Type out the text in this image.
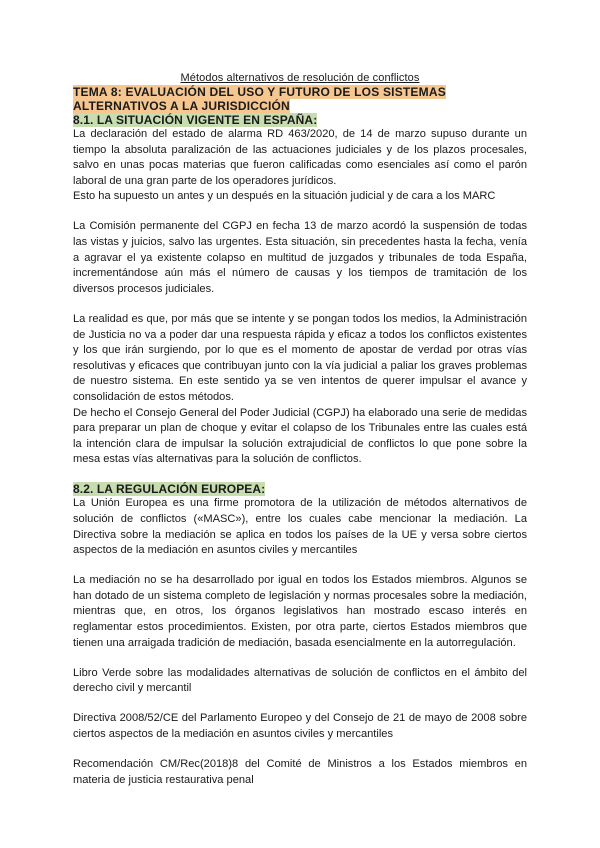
Métodos alternativos de resolución de conflictos
TEMA 8: EVALUACIÓN DEL USO Y FUTURO DE LOS SISTEMAS ALTERNATIVOS A LA JURISDICCIÓN
8.1. LA SITUACIÓN VIGENTE EN ESPAÑA:

La declaración del estado de alarma RD 463/2020, de 14 de marzo supuso durante un tiempo la absoluta paralización de las actuaciones judiciales y de los plazos procesales, salvo en unas pocas materias que fueron calificadas como esenciales así como el parón laboral de una gran parte de los operadores jurídicos.

Esto ha supuesto un antes y un después en la situación judicial y de cara a los MARC

La Comisión permanente del CGPJ en fecha 13 de marzo acordó la suspensión de todas las vistas y juicios, salvo las urgentes. Esta situación, sin precedentes hasta la fecha, venía a agravar el ya existente colapso en multitud de juzgados y tribunales de toda España, incrementándose aún más el número de causas y los tiempos de tramitación de los diversos procesos judiciales.

La realidad es que, por más que se intente y se pongan todos los medios, la Administración de Justicia no va a poder dar una respuesta rápida y eficaz a todos los conflictos existentes y los que irán surgiendo, por lo que es el momento de apostar de verdad por otras vías resolutivas y eficaces que contribuyan junto con la vía judicial a paliar los graves problemas de nuestro sistema. En este sentido ya se ven intentos de querer impulsar el avance y consolidación de estos métodos.

De hecho el Consejo General del Poder Judicial (CGPJ) ha elaborado una serie de medidas para preparar un plan de choque y evitar el colapso de los Tribunales entre las cuales está la intención clara de impulsar la solución extrajudicial de conflictos lo que pone sobre la mesa estas vías alternativas para la solución de conflictos.

8.2. LA REGULACIÓN EUROPEA:

La Unión Europea es una firme promotora de la utilización de métodos alternativos de solución de conflictos («MASC»), entre los cuales cabe mencionar la mediación. La Directiva sobre la mediación se aplica en todos los países de la UE y versa sobre ciertos aspectos de la mediación en asuntos civiles y mercantiles

La mediación no se ha desarrollado por igual en todos los Estados miembros. Algunos se han dotado de un sistema completo de legislación y normas procesales sobre la mediación, mientras que, en otros, los órganos legislativos han mostrado escaso interés en reglamentar estos procedimientos. Existen, por otra parte, ciertos Estados miembros que tienen una arraigada tradición de mediación, basada esencialmente en la autorregulación.

Libro Verde sobre las modalidades alternativas de solución de conflictos en el ámbito del derecho civil y mercantil

Directiva 2008/52/CE del Parlamento Europeo y del Consejo de 21 de mayo de 2008 sobre ciertos aspectos de la mediación en asuntos civiles y mercantiles

Recomendación CM/Rec(2018)8 del Comité de Ministros a los Estados miembros en materia de justicia restaurativa penal
